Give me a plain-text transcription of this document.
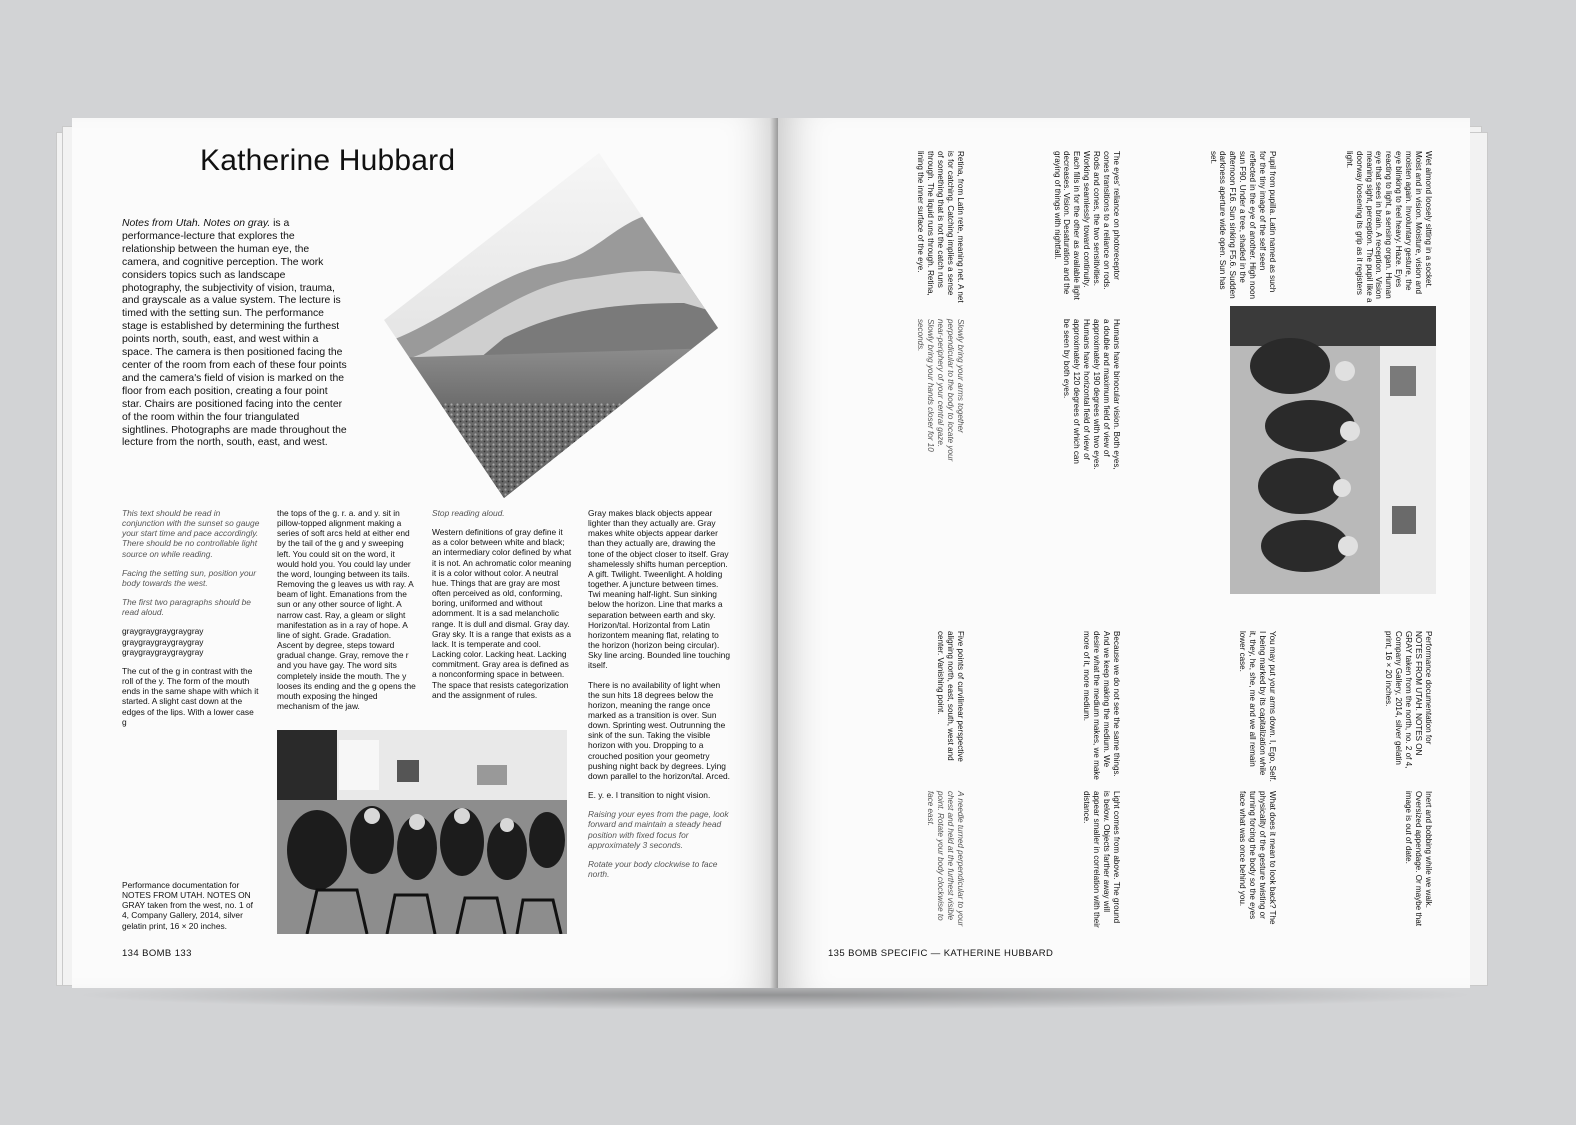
Katherine Hubbard

Notes from Utah. Notes on gray. is a performance-lecture that explores the relationship between the human eye, the camera, and cognitive perception. The work considers topics such as landscape photography, the subjectivity of vision, trauma, and grayscale as a value system. The lecture is timed with the setting sun. The performance stage is established by determining the furthest points north, south, east, and west within a space. The camera is then positioned facing the center of the room from each of these four points and the camera's field of vision is marked on the floor from each position, creating a four point star. Chairs are positioned facing into the center of the room within the four triangulated sightlines. Photographs are made throughout the lecture from the north, south, east, and west.

This text should be read in conjunction with the sunset so gauge your start time and pace accordingly. There should be no controllable light source on while reading.

Facing the setting sun, position your body towards the west.

The first two paragraphs should be read aloud.

graygraygraygraygray graygraygraygraygray graygraygraygraygray

The cut of the g in contrast with the roll of the y. The form of the mouth ends in the same shape with which it started. A slight cast down at the edges of the lips. With a lower case g

the tops of the g. r. a. and y. sit in pillow-topped alignment making a series of soft arcs held at either end by the tail of the g and y sweeping left. You could sit on the word, it would hold you. You could lay under the word, lounging between its tails. Removing the g leaves us with ray. A beam of light. Emanations from the sun or any other source of light. A narrow cast. Ray, a gleam or slight manifestation as in a ray of hope. A line of sight. Grade. Gradation. Ascent by degree, steps toward gradual change. Gray, remove the r and you have gay. The word sits completely inside the mouth. The y looses its ending and the g opens the mouth exposing the hinged mechanism of the jaw.

Stop reading aloud.

Western definitions of gray define it as a color between white and black; an intermediary color defined by what it is not. An achromatic color meaning it is a color without color. A neutral hue. Things that are gray are most often perceived as old, conforming, boring, uniformed and without adornment. It is a sad melancholic range. It is dull and dismal. Gray day. Gray sky. It is a range that exists as a lack. It is temperate and cool. Lacking color. Lacking heat. Lacking commitment. Gray area is defined as a nonconforming space in between. The space that resists categorization and the assignment of rules.

Gray makes black objects appear lighter than they actually are. Gray makes white objects appear darker than they actually are, drawing the tone of the object closer to itself. Gray shamelessly shifts human perception. A gift. Twilight. Tweenlight. A holding together. A juncture between times. Twi meaning half-light. Sun sinking below the horizon. Line that marks a separation between earth and sky. Horizon/tal. Horizontal from Latin horizontem meaning flat, relating to the horizon (horizon being circular). Sky line arcing. Bounded line touching itself.

There is no availability of light when the sun hits 18 degrees below the horizon, meaning the range once marked as a transition is over. Sun down. Sprinting west. Outrunning the sink of the sun. Taking the visible horizon with you. Dropping to a crouched position your geometry pushing night back by degrees. Lying down parallel to the horizon/tal. Arced.

E. y. e. I transition to night vision.

Raising your eyes from the page, look forward and maintain a steady head position with fixed focus for approximately 3 seconds.

Rotate your body clockwise to face north.

Performance documentation for NOTES FROM UTAH. NOTES ON GRAY taken from the west, no. 1 of 4, Company Gallery, 2014, silver gelatin print, 16 × 20 inches.
134 BOMB 133
Wet almond loosely sitting in a socket. Moist and in vision. Moisture, vision and moisten again. Involuntary gesture, the eye blinking to feel heavy. Haze. Eyes reacting to light, a sensing organ. Human eye that sees in brain. A reception. Vision meaning sight, perception. The pupil like a doorway loosening its grip as it registers light.
Pupil from pupilla. Latin named as such for the tiny image of the self seen reflected in the eye of another. High noon sun F90. Under a tree, shaded in the afternoon F16. Sun sinking F5.6. Sudden darkness aperture wide open. Sun has set.
The eyes' reliance on photoreceptor cones transitions to a reliance on rods. Rods and cones, the two sensitivities. Working seamlessly toward continuity. Each fills in for the other as available light decreases. Vision. Desaturation and the graying of things with nightfall.
Retina, from Latin rete, meaning net. A net is for catching. Catching implies a sense of something that is not the catch runs through. The liquid runs through. Retina, lining the inner surface of the eye.
Humans have binocular vision. Both eyes, a double and maximum field of view of approximately 190 degrees with two eyes. Humans have horizontal field of view of approximately 120 degrees of which can be seen by both eyes.
Slowly bring your arms together perpendicular to the body to locate your near-periphery of your central gaze. Slowly bring your hands closer for 10 seconds.
Performance documentation for NOTES FROM UTAH. NOTES ON GRAY taken from the north, no. 2 of 4, Company Gallery, 2014, silver gelatin print, 16 × 20 inches.
You may put your arms down. I, Ego, Self. I being marked by its capitalization while it, they, he, she, me and we all remain lower case.
Because we do not see the same things. And we keep making the medium. We desire what the medium makes, we make more of it, more medium.
Five points of curvilinear perspective aligning north, east, south, west and center. Vanishing point.
Inert and bobbing while we walk. Oversized appendage. Or maybe that image is out of date.
What does it mean to look back? The physicality of the gesture twisting or turning forcing the body so the eyes face what was once behind you.
Light comes from above. The ground is below. Objects farther away will appear smaller in correlation with their distance.
A needle turned perpendicular to your chest and held at the furthest visible point. Rotate your body clockwise to face east.
135 BOMB SPECIFIC — KATHERINE HUBBARD
